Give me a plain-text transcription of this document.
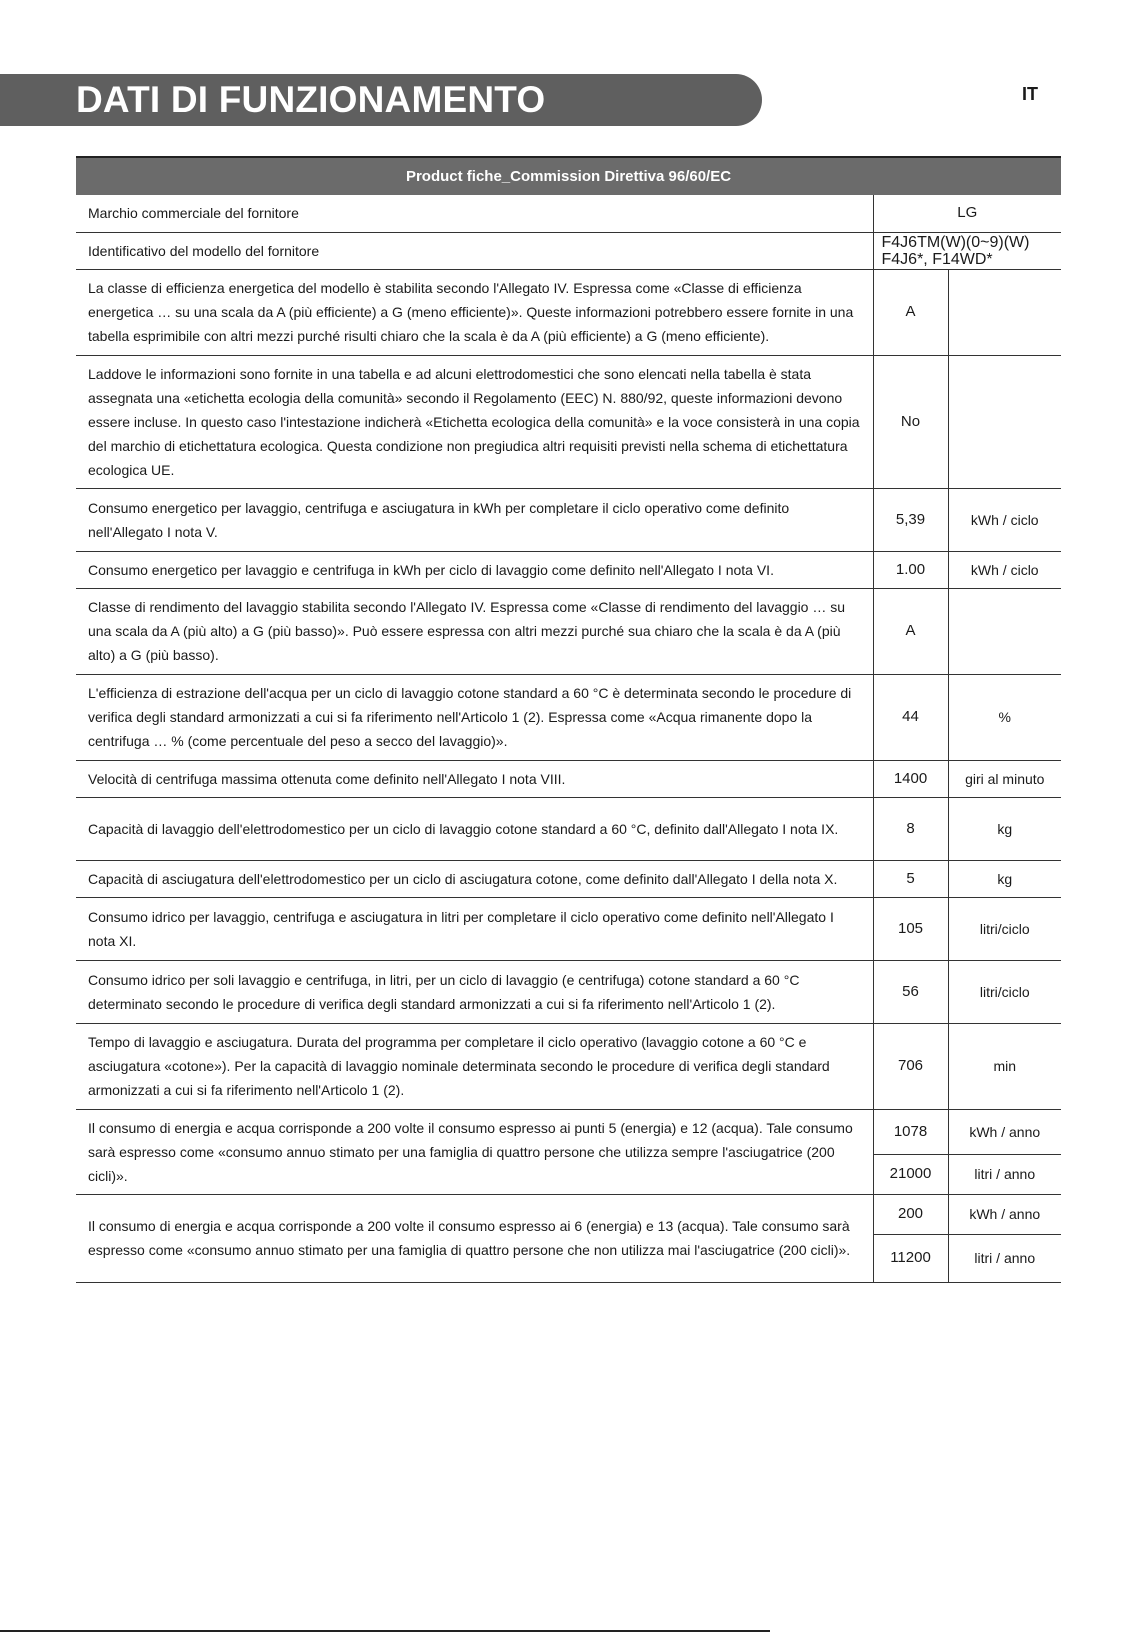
DATI DI FUNZIONAMENTO	IT
Product fiche_Commission Direttiva 96/60/EC		
Marchio commerciale del fornitore	LG	
Identificativo del modello del fornitore	F4J6TM(W)(0~9)(W)
F4J6*, F14WD*	

La classe di efficienza energetica del modello è stabilita secondo l'Allegato IV. Espressa come «Classe di efficienza energetica … su una scala da A (più efficiente) a G (meno efficiente)». Queste informazioni potrebbero essere fornite in una tabella esprimibile con altri mezzi purché risulti chiaro che la scala è da A (più efficiente) a G (meno efficiente).	A	
Laddove le informazioni sono fornite in una tabella e ad alcuni elettrodomestici che sono elencati nella tabella è stata assegnata una «etichetta ecologia della comunità» secondo il Regolamento (EEC) N. 880/92, queste informazioni devono essere incluse. In questo caso l'intestazione indicherà «Etichetta ecologica della comunità» e la voce consisterà in una copia del marchio di etichettatura ecologica. Questa condizione non pregiudica altri requisiti previsti nella schema di etichettatura ecologica UE.	No	
Consumo energetico per lavaggio, centrifuga e asciugatura in kWh per completare il ciclo operativo come definito nell'Allegato I nota V.	5,39	kWh / ciclo
Consumo energetico per lavaggio e centrifuga in kWh per ciclo di lavaggio come definito nell'Allegato I nota VI.	1.00	kWh / ciclo
Classe di rendimento del lavaggio stabilita secondo l'Allegato IV. Espressa come «Classe di rendimento del lavaggio … su una scala da A (più alto) a G (più basso)». Può essere espressa con altri mezzi purché sua chiaro che la scala è da A (più alto) a G (più basso).	A	
L'efficienza di estrazione dell'acqua per un ciclo di lavaggio cotone standard a 60 °C è determinata secondo le procedure di verifica degli standard armonizzati a cui si fa riferimento nell'Articolo 1 (2). Espressa come «Acqua rimanente dopo la centrifuga … % (come percentuale del peso a secco del lavaggio)».	44	%
Velocità di centrifuga massima ottenuta come definito nell'Allegato I nota VIII.	1400	giri al minuto
Capacità di lavaggio dell'elettrodomestico per un ciclo di lavaggio cotone standard a 60 °C, definito dall'Allegato I nota IX.	8	kg
Capacità di asciugatura dell'elettrodomestico per un ciclo di asciugatura cotone, come definito dall'Allegato I della nota X.	5	kg
Consumo idrico per lavaggio, centrifuga e asciugatura in litri per completare il ciclo operativo come definito nell'Allegato I nota XI.	105	litri/ciclo
Consumo idrico per soli lavaggio e centrifuga, in litri, per un ciclo di lavaggio (e centrifuga) cotone standard a 60 °C determinato secondo le procedure di verifica degli standard armonizzati a cui si fa riferimento nell'Articolo 1 (2).	56	litri/ciclo
Tempo di lavaggio e asciugatura. Durata del programma per completare il ciclo operativo (lavaggio cotone a 60 °C e asciugatura «cotone»). Per la capacità di lavaggio nominale determinata secondo le procedure di verifica degli standard armonizzati a cui si fa riferimento nell'Articolo 1 (2).	706	min
Il consumo di energia e acqua corrisponde a 200 volte il consumo espresso ai punti 5 (energia) e 12 (acqua). Tale consumo sarà espresso come «consumo annuo stimato per una famiglia di quattro persone che utilizza sempre l'asciugatrice (200 cicli)».	1078	kWh / anno
	21000	litri / anno
Il consumo di energia e acqua corrisponde a 200 volte il consumo espresso ai 6 (energia) e 13 (acqua). Tale consumo sarà espresso come «consumo annuo stimato per una famiglia di quattro persone che non utilizza mai l'asciugatrice (200 cicli)».	200	kWh / anno
	11200	litri / anno
